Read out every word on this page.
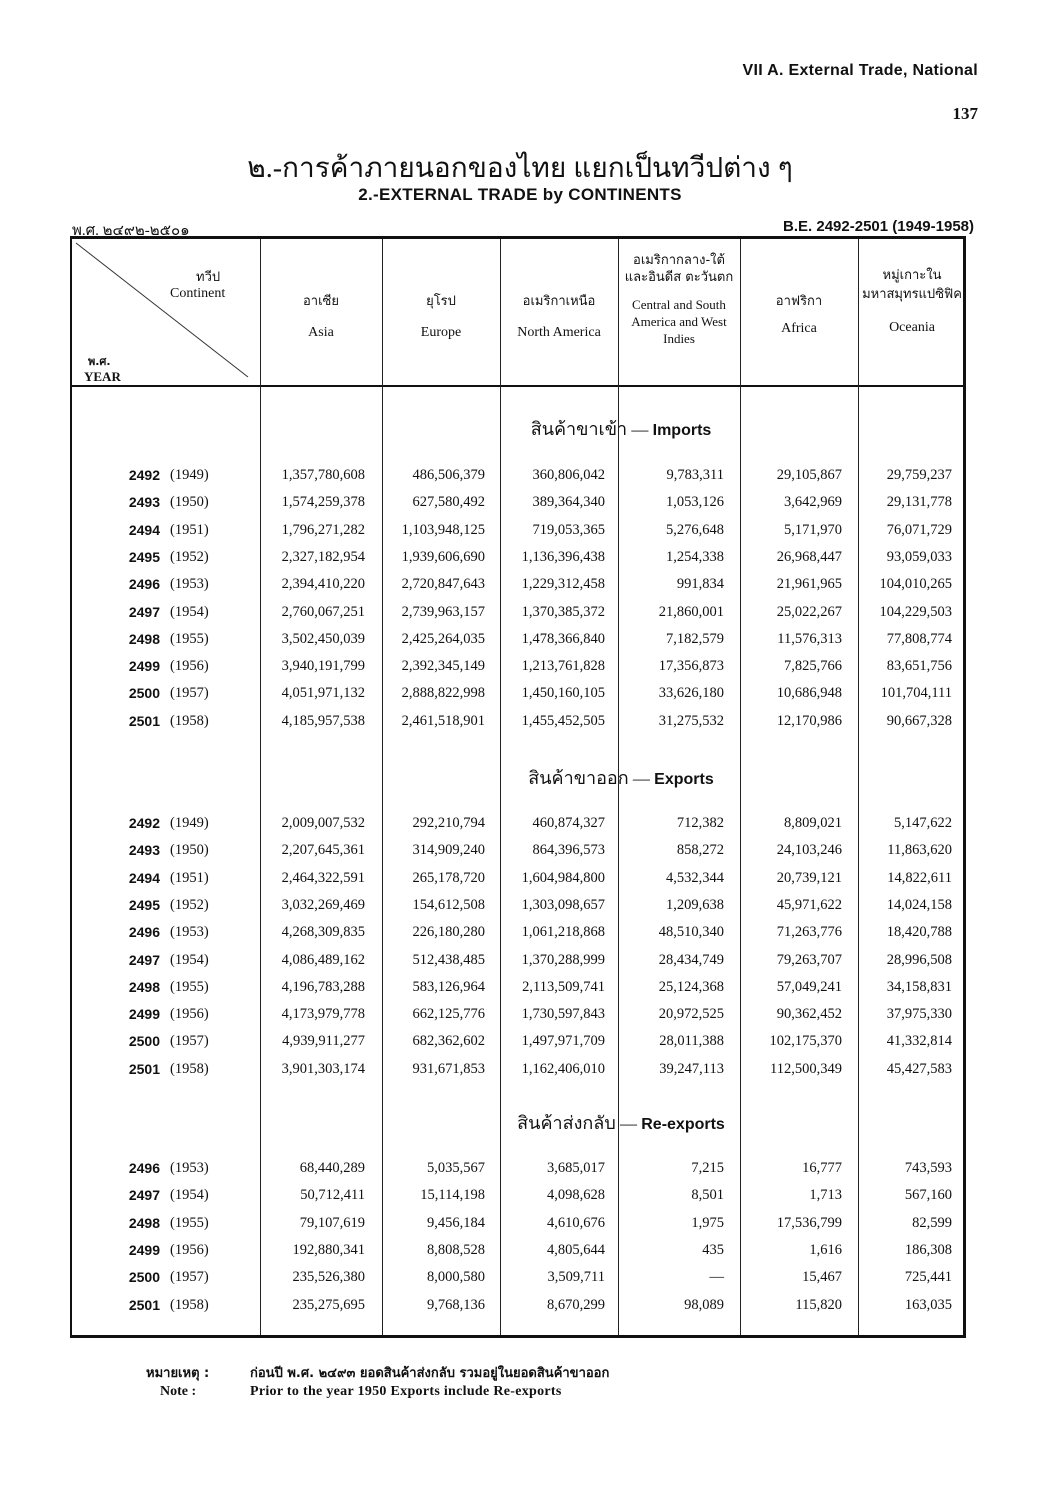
VII A. External Trade, National
137
๒.-การค้าภายนอกของไทย แยกเป็นทวีปต่าง ๆ
2.-EXTERNAL TRADE by CONTINENTS
พ.ศ. ๒๔๙๒-๒๕๐๑	B.E. 2492-2501 (1949-1958)
ทวีป
Continent
พ.ศ.
YEAR
อาเซีย
Asia
ยุโรป
Europe
อเมริกาเหนือ
North America
อเมริกากลาง-ใต้และอินดีส ตะวันตก
Central and South America and West Indies
อาฟริกา
Africa
หมู่เกาะในมหาสมุทรแปซิฟิค
Oceania
สินค้าขาเข้า — Imports
2492 (1949)	1,357,780,608	486,506,379	360,806,042	9,783,311	29,105,867	29,759,237
2493 (1950)	1,574,259,378	627,580,492	389,364,340	1,053,126	3,642,969	29,131,778
2494 (1951)	1,796,271,282	1,103,948,125	719,053,365	5,276,648	5,171,970	76,071,729
2495 (1952)	2,327,182,954	1,939,606,690	1,136,396,438	1,254,338	26,968,447	93,059,033
2496 (1953)	2,394,410,220	2,720,847,643	1,229,312,458	991,834	21,961,965	104,010,265
2497 (1954)	2,760,067,251	2,739,963,157	1,370,385,372	21,860,001	25,022,267	104,229,503
2498 (1955)	3,502,450,039	2,425,264,035	1,478,366,840	7,182,579	11,576,313	77,808,774
2499 (1956)	3,940,191,799	2,392,345,149	1,213,761,828	17,356,873	7,825,766	83,651,756
2500 (1957)	4,051,971,132	2,888,822,998	1,450,160,105	33,626,180	10,686,948	101,704,111
2501 (1958)	4,185,957,538	2,461,518,901	1,455,452,505	31,275,532	12,170,986	90,667,328
สินค้าขาออก — Exports
2492 (1949)	2,009,007,532	292,210,794	460,874,327	712,382	8,809,021	5,147,622
2493 (1950)	2,207,645,361	314,909,240	864,396,573	858,272	24,103,246	11,863,620
2494 (1951)	2,464,322,591	265,178,720	1,604,984,800	4,532,344	20,739,121	14,822,611
2495 (1952)	3,032,269,469	154,612,508	1,303,098,657	1,209,638	45,971,622	14,024,158
2496 (1953)	4,268,309,835	226,180,280	1,061,218,868	48,510,340	71,263,776	18,420,788
2497 (1954)	4,086,489,162	512,438,485	1,370,288,999	28,434,749	79,263,707	28,996,508
2498 (1955)	4,196,783,288	583,126,964	2,113,509,741	25,124,368	57,049,241	34,158,831
2499 (1956)	4,173,979,778	662,125,776	1,730,597,843	20,972,525	90,362,452	37,975,330
2500 (1957)	4,939,911,277	682,362,602	1,497,971,709	28,011,388	102,175,370	41,332,814
2501 (1958)	3,901,303,174	931,671,853	1,162,406,010	39,247,113	112,500,349	45,427,583
สินค้าส่งกลับ — Re-exports
2496 (1953)	68,440,289	5,035,567	3,685,017	7,215	16,777	743,593
2497 (1954)	50,712,411	15,114,198	4,098,628	8,501	1,713	567,160
2498 (1955)	79,107,619	9,456,184	4,610,676	1,975	17,536,799	82,599
2499 (1956)	192,880,341	8,808,528	4,805,644	435	1,616	186,308
2500 (1957)	235,526,380	8,000,580	3,509,711	—	15,467	725,441
2501 (1958)	235,275,695	9,768,136	8,670,299	98,089	115,820	163,035
หมายเหตุ :	ก่อนปี พ.ศ. ๒๔๙๓ ยอดสินค้าส่งกลับ รวมอยู่ในยอดสินค้าขาออก
Note :	Prior to the year 1950 Exports include Re-exports
